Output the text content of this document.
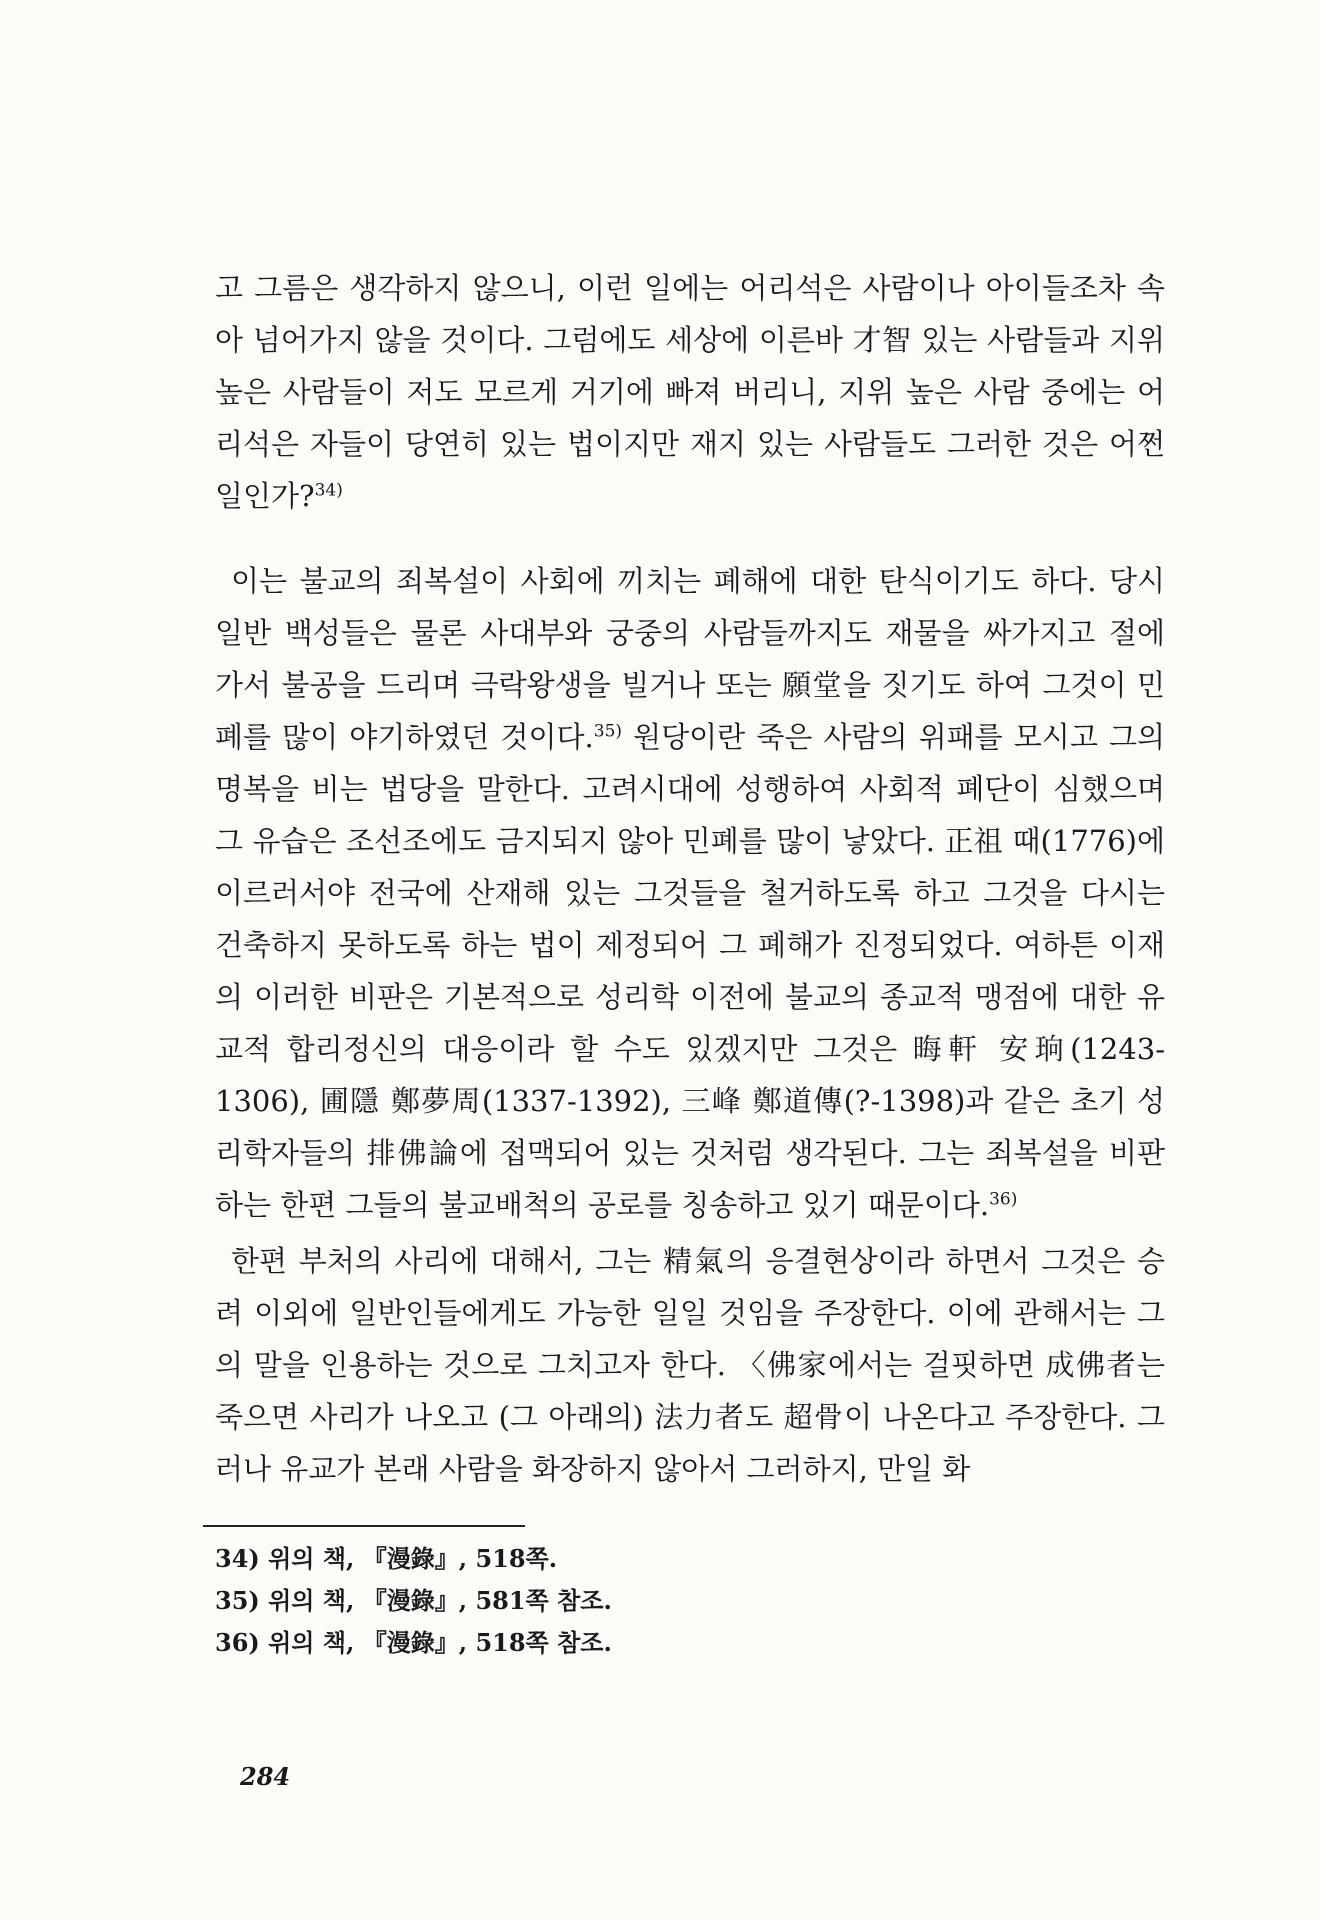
고 그름은 생각하지 않으니, 이런 일에는 어리석은 사람이나 아이들조차 속아 넘어가지 않을 것이다. 그럼에도 세상에 이른바 才智 있는 사람들과 지위 높은 사람들이 저도 모르게 거기에 빠져 버리니, 지위 높은 사람 중에는 어리석은 자들이 당연히 있는 법이지만 재지 있는 사람들도 그러한 것은 어쩐 일인가?$^{34)}$

이는 불교의 죄복설이 사회에 끼치는 폐해에 대한 탄식이기도 하다. 당시 일반 백성들은 물론 사대부와 궁중의 사람들까지도 재물을 싸가지고 절에 가서 불공을 드리며 극락왕생을 빌거나 또는 願堂을 짓기도 하여 그것이 민폐를 많이 야기하였던 것이다.$^{35)}$ 원당이란 죽은 사람의 위패를 모시고 그의 명복을 비는 법당을 말한다. 고려시대에 성행하여 사회적 폐단이 심했으며 그 유습은 조선조에도 금지되지 않아 민폐를 많이 낳았다. 正祖 때(1776)에 이르러서야 전국에 산재해 있는 그것들을 철거하도록 하고 그것을 다시는 건축하지 못하도록 하는 법이 제정되어 그 폐해가 진정되었다. 여하튼 이재의 이러한 비판은 기본적으로 성리학 이전에 불교의 종교적 맹점에 대한 유교적 합리정신의 대응이라 할 수도 있겠지만 그것은 晦軒 安珦(1243-1306), 圃隱 鄭夢周(1337-1392), 三峰 鄭道傳(?-1398)과 같은 초기 성리학자들의 排佛論에 접맥되어 있는 것처럼 생각된다. 그는 죄복설을 비판하는 한편 그들의 불교배척의 공로를 칭송하고 있기 때문이다.$^{36)}$

한편 부처의 사리에 대해서, 그는 精氣의 응결현상이라 하면서 그것은 승려 이외에 일반인들에게도 가능한 일일 것임을 주장한다. 이에 관해서는 그의 말을 인용하는 것으로 그치고자 한다. 〈佛家에서는 걸핏하면 成佛者는 죽으면 사리가 나오고 (그 아래의) 法力者도 超骨이 나온다고 주장한다. 그러나 유교가 본래 사람을 화장하지 않아서 그러하지, 만일 화

34) 위의 책, 『漫錄』, 518쪽.
35) 위의 책, 『漫錄』, 581쪽 참조.
36) 위의 책, 『漫錄』, 518쪽 참조.
284
